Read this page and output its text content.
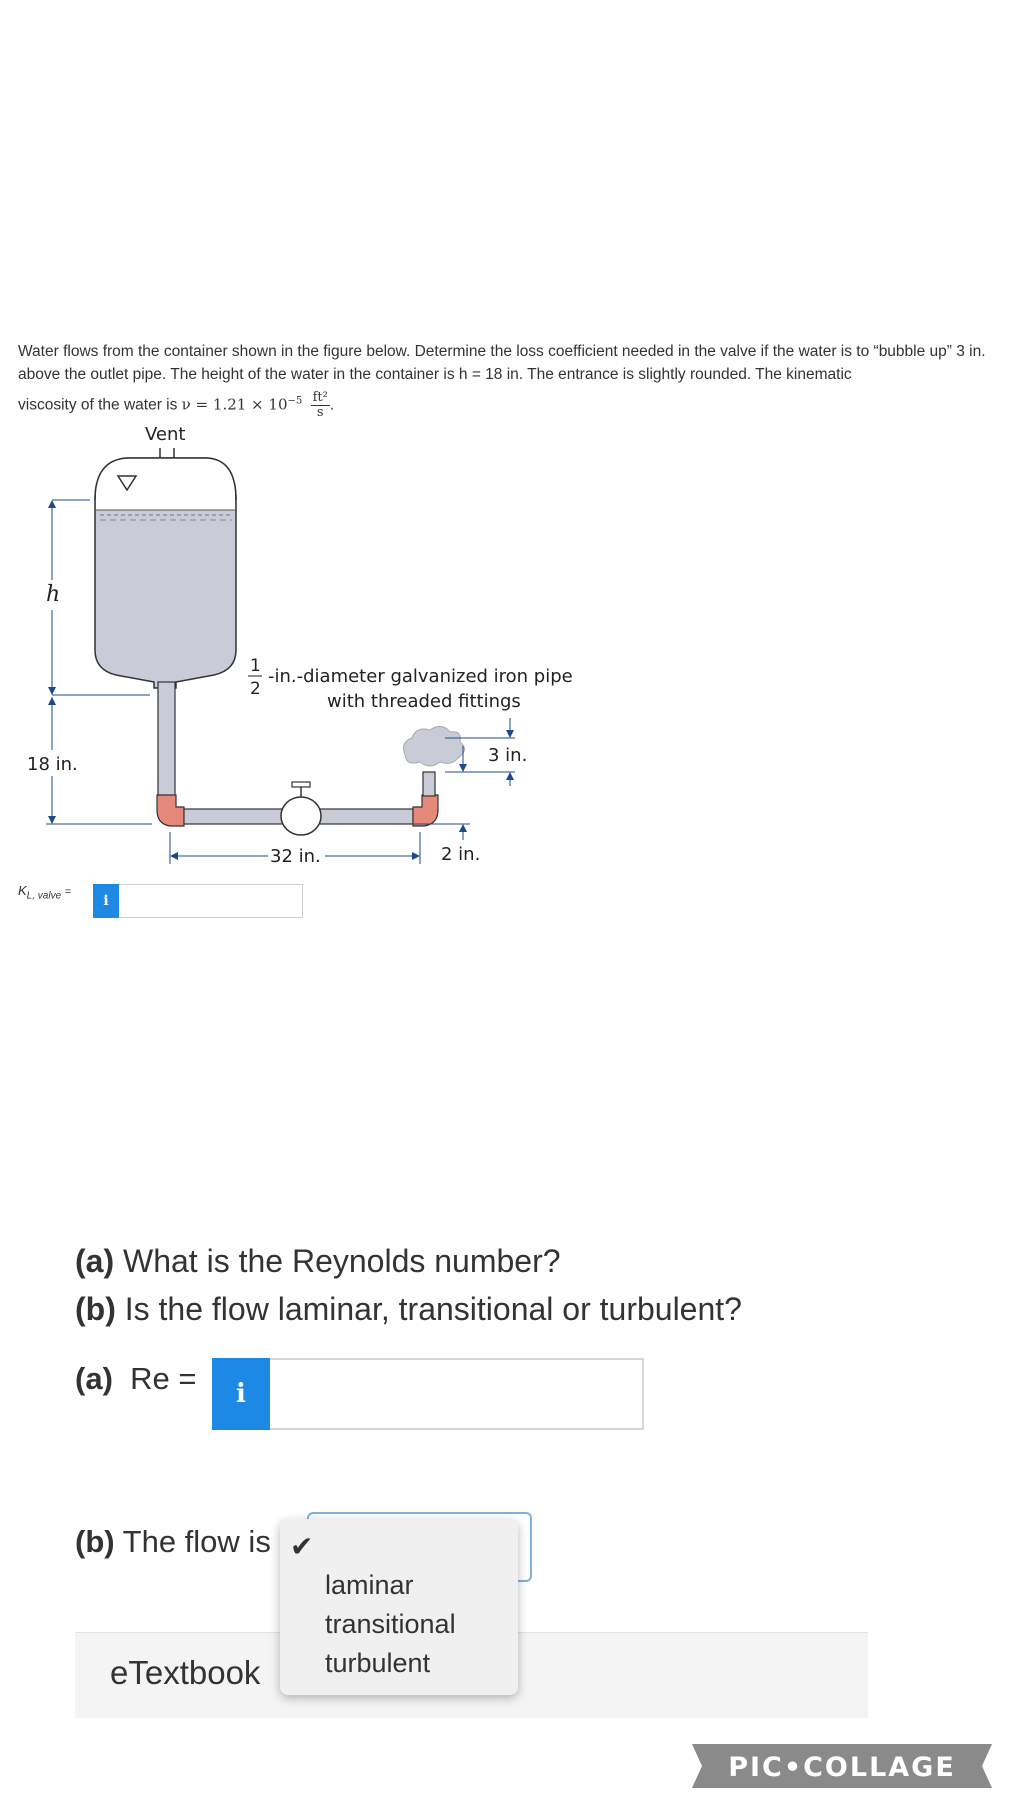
Water flows from the container shown in the figure below. Determine the loss coefficient needed in the valve if the water is to “bubble up” 3 in. above the outlet pipe. The height of the water in the container is h = 18 in. The entrance is slightly rounded. The kinematic
viscosity of the water is $\nu = 1.21 \times 10^{-5} \frac{\text{ft²}}{s}$ .
Vent
h
18 in.
1
2
-in.-diameter galvanized iron pipe
with threaded fittings
3 in.
2 in.
32 in.
$K_{L, valve}$ =
i
(a) What is the Reynolds number?
(b) Is the flow laminar, transitional or turbulent?
(a) Re =	i
eTextbook
(b) The flow is ✔
laminar
transitional
turbulent
PIC•COLLAGE
